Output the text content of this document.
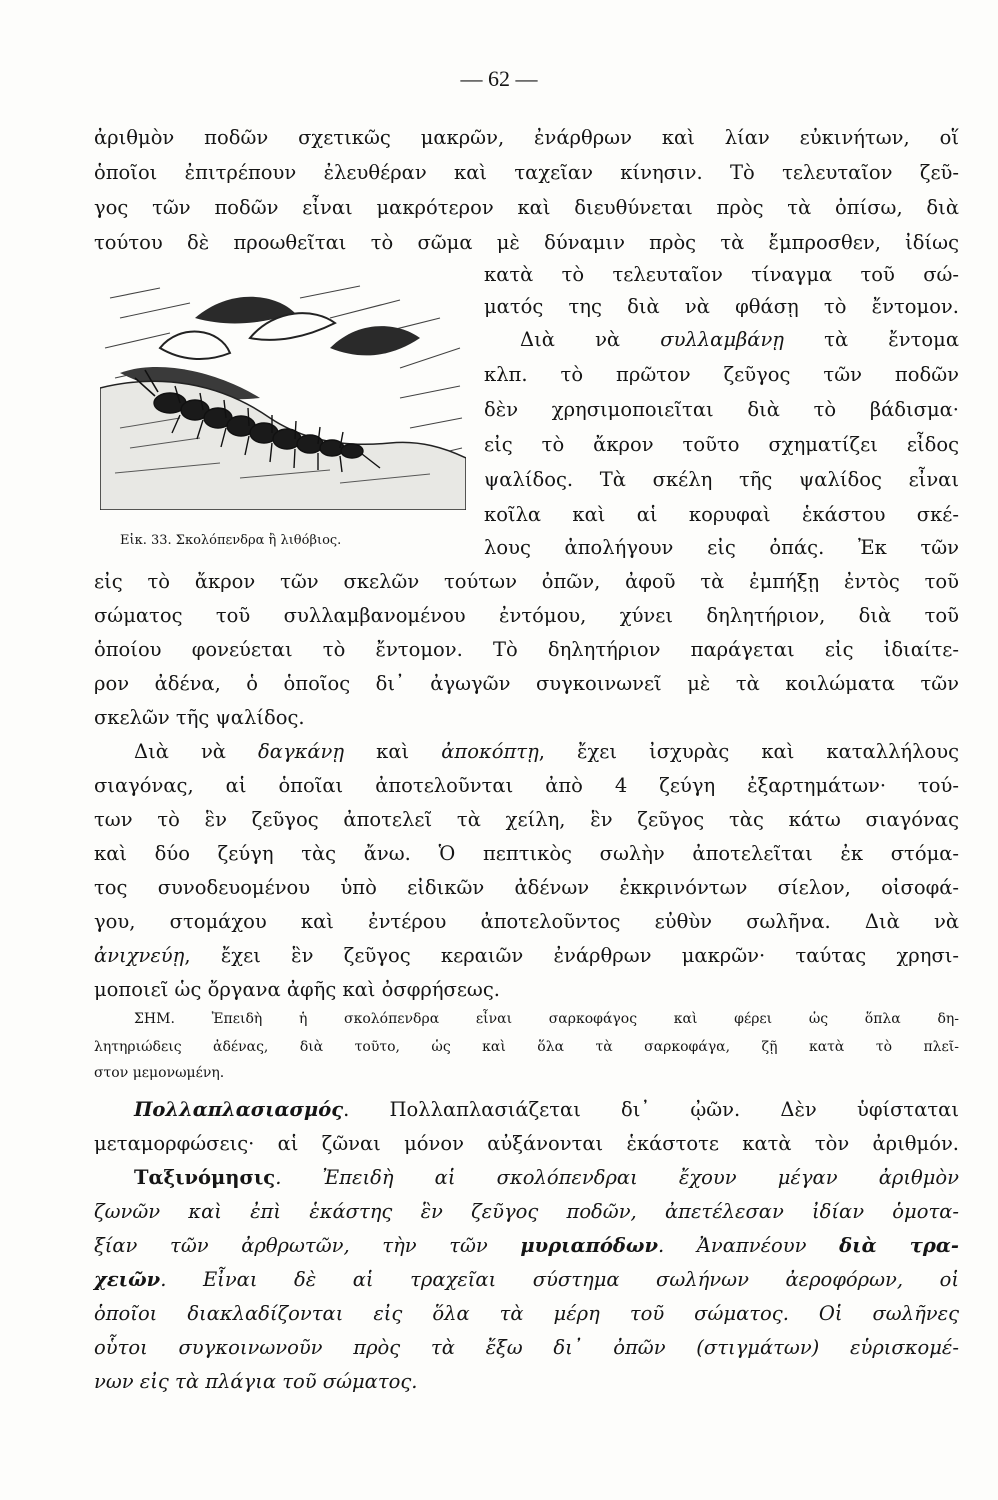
— 62 —
ἀριθμὸν ποδῶν σχετικῶς μακρῶν, ἐνάρθρων καὶ λίαν εὐκινήτων, οἵ
ὁποῖοι ἐπιτρέπουν ἐλευθέραν καὶ ταχεῖαν κίνησιν. Τὸ τελευταῖον ζεῦ-
γος τῶν ποδῶν εἶναι μακρότερον καὶ διευθύνεται πρὸς τὰ ὀπίσω, διὰ
τούτου δὲ προωθεῖται τὸ σῶμα μὲ δύναμιν πρὸς τὰ ἔμπροσθεν, ἰδίως
κατὰ τὸ τελευταῖον τίναγμα τοῦ σώ-
ματός της διὰ νὰ φθάσῃ τὸ ἔντομον.
Εἰκ. 33. Σκολόπενδρα ἢ λιθόβιος.
Διὰ νὰ συλλαμβάνῃ τὰ ἔντομα
κλπ. τὸ πρῶτον ζεῦγος τῶν ποδῶν
δὲν χρησιμοποιεῖται διὰ τὸ βάδισμα·
εἰς τὸ ἄκρον τοῦτο σχηματίζει εἶδος
ψαλίδος. Τὰ σκέλη τῆς ψαλίδος εἶναι
κοῖλα καὶ αἱ κορυφαὶ ἑκάστου σκέ-
λους ἀπολήγουν εἰς ὀπάς. Ἐκ τῶν
εἰς τὸ ἄκρον τῶν σκελῶν τούτων ὀπῶν, ἀφοῦ τὰ ἐμπήξῃ ἐντὸς τοῦ
σώματος τοῦ συλλαμβανομένου ἐντόμου, χύνει δηλητήριον, διὰ τοῦ
ὁποίου φονεύεται τὸ ἔντομον. Τὸ δηλητήριον παράγεται εἰς ἰδιαίτε-
ρον ἀδένα, ὁ ὁποῖος δι᾽ ἀγωγῶν συγκοινωνεῖ μὲ τὰ κοιλώματα τῶν
σκελῶν τῆς ψαλίδος.
Διὰ νὰ δαγκάνῃ καὶ ἀποκόπτῃ, ἔχει ἰσχυρὰς καὶ καταλλήλους
σιαγόνας, αἱ ὁποῖαι ἀποτελοῦνται ἀπὸ 4 ζεύγη ἐξαρτημάτων· τού-
των τὸ ἓν ζεῦγος ἀποτελεῖ τὰ χείλη, ἓν ζεῦγος τὰς κάτω σιαγόνας
καὶ δύο ζεύγη τὰς ἄνω. Ὁ πεπτικὸς σωλὴν ἀποτελεῖται ἐκ στόμα-
τος συνοδευομένου ὑπὸ εἰδικῶν ἀδένων ἐκκρινόντων σίελον, οἰσοφά-
γου, στομάχου καὶ ἐντέρου ἀποτελοῦντος εὐθὺν σωλῆνα. Διὰ νὰ
ἀνιχνεύῃ, ἔχει ἓν ζεῦγος κεραιῶν ἐνάρθρων μακρῶν· ταύτας χρησι-
μοποιεῖ ὡς ὄργανα ἀφῆς καὶ ὀσφρήσεως.
ΣΗΜ. Ἐπειδὴ ἡ σκολόπενδρα εἶναι σαρκοφάγος καὶ φέρει ὡς ὅπλα δη-
λητηριώδεις ἀδένας, διὰ τοῦτο, ὡς καὶ ὅλα τὰ σαρκοφάγα, ζῇ κατὰ τὸ πλεῖ-
στον μεμονωμένη.
Πολλαπλασιασμός. Πολλαπλασιάζεται δι᾽ ᾠῶν. Δὲν ὑφίσταται
μεταμορφώσεις· αἱ ζῶναι μόνον αὐξάνονται ἑκάστοτε κατὰ τὸν ἀριθμόν.
Ταξινόμησις. Ἐπειδὴ αἱ σκολόπενδραι ἔχουν μέγαν ἀριθμὸν
ζωνῶν καὶ ἐπὶ ἑκάστης ἓν ζεῦγος ποδῶν, ἀπετέλεσαν ἰδίαν ὁμοτα-
ξίαν τῶν ἀρθρωτῶν, τὴν τῶν μυριαπόδων. Ἀναπνέουν διὰ τρα-
χειῶν. Εἶναι δὲ αἱ τραχεῖαι σύστημα σωλήνων ἀεροφόρων, οἱ
ὁποῖοι διακλαδίζονται εἰς ὅλα τὰ μέρη τοῦ σώματος. Οἱ σωλῆνες
οὗτοι συγκοινωνοῦν πρὸς τὰ ἔξω δι᾽ ὀπῶν (στιγμάτων) εὑρισκομέ-
νων εἰς τὰ πλάγια τοῦ σώματος.
